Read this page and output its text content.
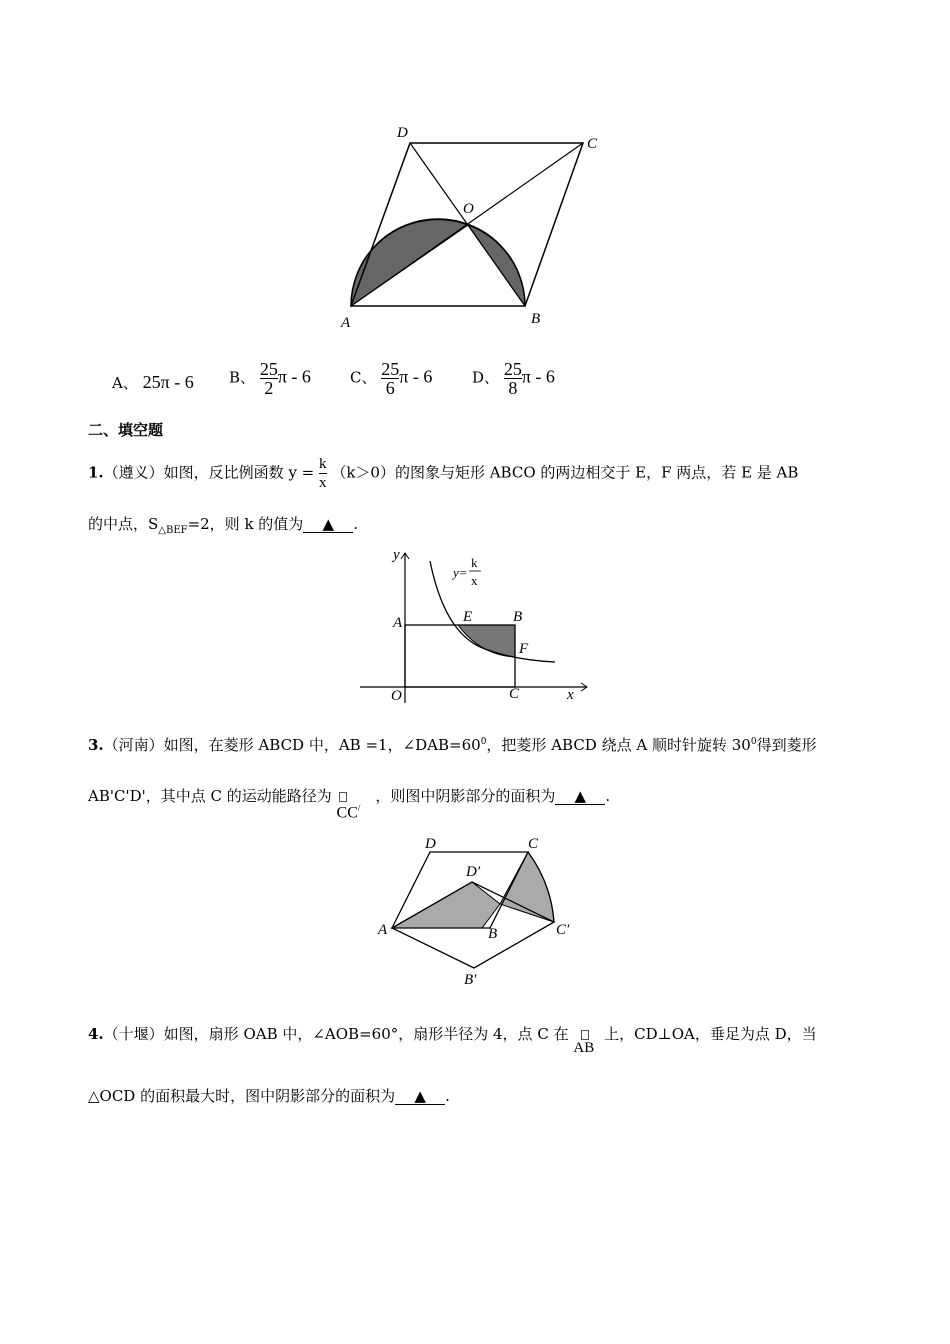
D
C
O
A	B
A、 25π - 6 B、 $\frac{25}{2}$ π - 6	C、 $\frac{25}{6}$ π - 6	D、 $\frac{25}{8}$ π - 6
二、填空题
1.（遵义）如图，反比例函数 $y = \frac{k}{x} (k>0)$的图象与矩形 ABCO 的两边相交于 E，F 两点，若 E 是 AB
的中点，$S_{\triangle BEF}=2$，则 k 的值为 ▲ .
y
x
A
O	C
E	B
F
y=
k
x
3.（河南）如图，在菱形 ABCD 中，AB =1，$\angle DAB=60^0$，把菱形 ABCD 绕点 A 顺时针旋转 $30^0$得到菱形
AB'C'D'，其中点 C 的运动能路径为
CC/
，则图中阴影部分的面积为 ▲ .
D	C
D′
A	B	C′
B′
4.（十堰）如图，扇形 OAB 中，∠AOB=60°，扇形半径为 4，点 C 在
AB
上，CD⊥OA，垂足为点 D，当
△OCD 的面积最大时，图中阴影部分的面积为 ▲ .
